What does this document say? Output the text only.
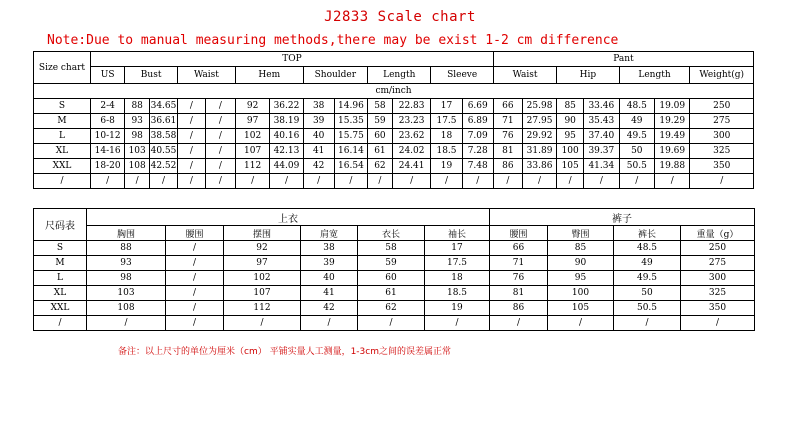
J2833 Scale chart
Note:Due to manual measuring methods,there may be exist 1-2 cm difference
Size chart	TOP													Pant						
	US	Bust		Waist		Hem		Shoulder		Length		Sleeve		Waist		Hip		Length		Weight(g)
cm/inch																				
S	2-4	88	34.65	/	/	92	36.22	38	14.96	58	22.83	17	6.69	66	25.98	85	33.46	48.5	19.09	250
M	6-8	93	36.61	/	/	97	38.19	39	15.35	59	23.23	17.5	6.89	71	27.95	90	35.43	49	19.29	275
L	10-12	98	38.58	/	/	102	40.16	40	15.75	60	23.62	18	7.09	76	29.92	95	37.40	49.5	19.49	300
XL	14-16	103	40.55	/	/	107	42.13	41	16.14	61	24.02	18.5	7.28	81	31.89	100	39.37	50	19.69	325
XXL	18-20	108	42.52	/	/	112	44.09	42	16.54	62	24.41	19	7.48	86	33.86	105	41.34	50.5	19.88	350
/	/	/	/	/	/	/	/	/	/	/	/	/	/	/	/	/	/	/	/	/
尺码表	上衣						裤子			
	胸围	腰围	摆围	肩宽	衣长	袖长	腰围	臀围	裤长	重量（g）
S	88	/	92	38	58	17	66	85	48.5	250
M	93	/	97	39	59	17.5	71	90	49	275
L	98	/	102	40	60	18	76	95	49.5	300
XL	103	/	107	41	61	18.5	81	100	50	325
XXL	108	/	112	42	62	19	86	105	50.5	350
/	/	/	/	/	/	/	/	/	/	/
备注：以上尺寸的单位为厘米（cm） 平铺实量人工测量，1-3cm之间的误差属正常
